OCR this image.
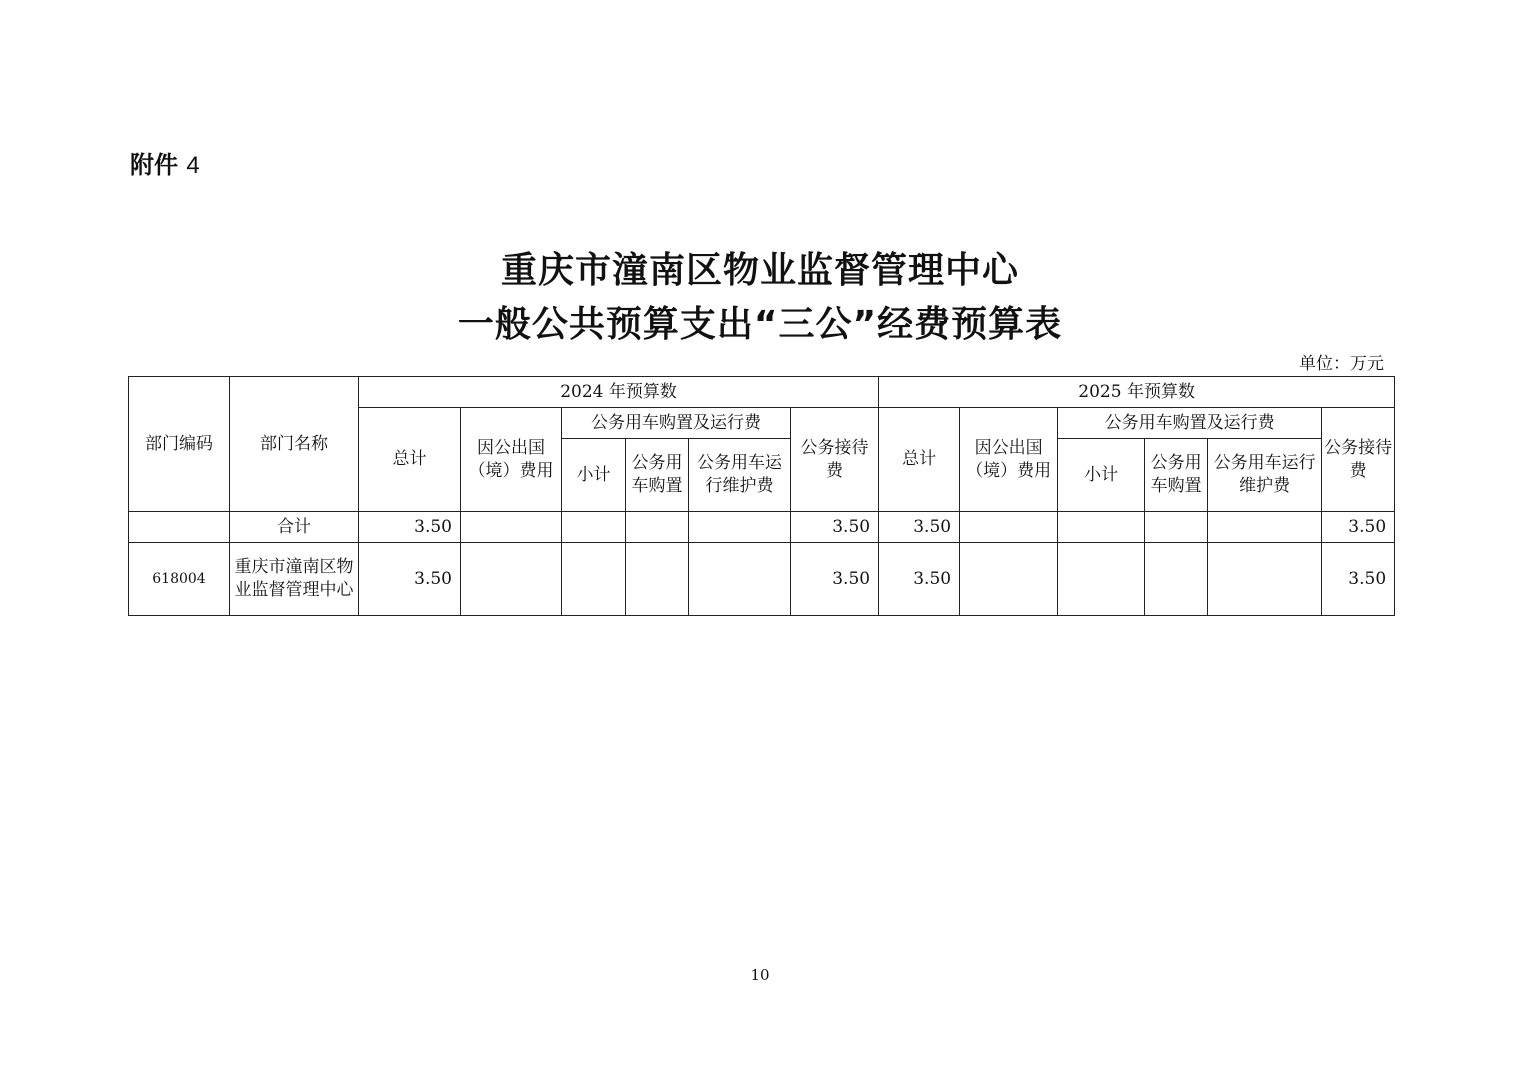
附件 4
重庆市潼南区物业监督管理中心
一般公共预算支出“三公”经费预算表
单位：万元
部门编码	部门名称	2024 年预算数						2025 年预算数					
		总计	因公出国（境）费用	公务用车购置及运行费			公务接待费	总计	因公出国（境）费用	公务用车购置及运行费			公务接待费
				小计	公务用车购置	公务用车运行维护费				小计	公务用车购置	公务用车运行维护费	
	合计	3.50					3.50	3.50					3.50
618004	重庆市潼南区物业监督管理中心	3.50					3.50	3.50					3.50
10
